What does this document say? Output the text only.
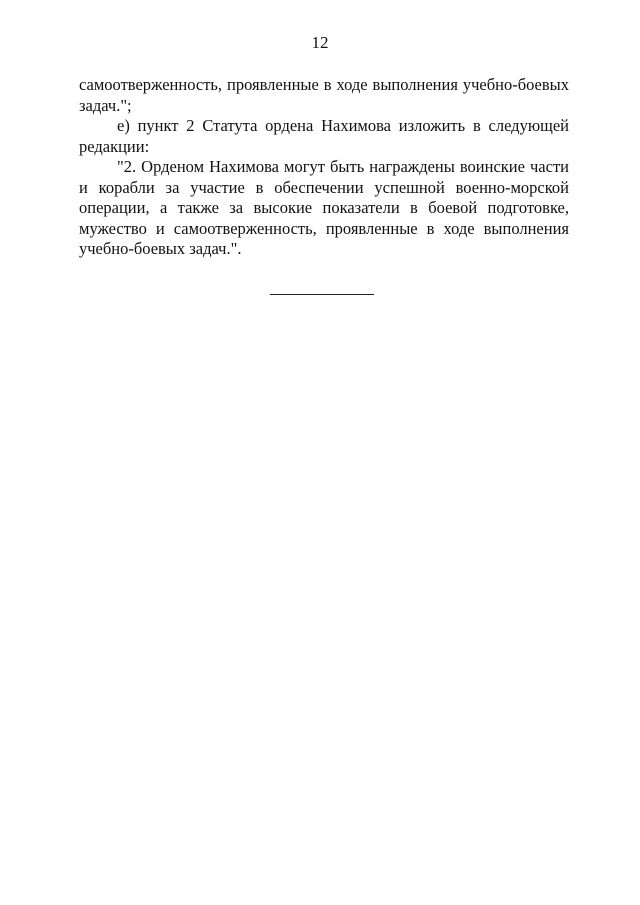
12
самоотверженность, проявленные в ходе выполнения учебно-боевых
задач.";
е) пункт 2 Статута ордена Нахимова изложить в следующей
редакции:
"2. Орденом Нахимова могут быть награждены воинские части
и корабли за участие в обеспечении успешной военно-морской
операции, а также за высокие показатели в боевой подготовке,
мужество и самоотверженность, проявленные в ходе выполнения
учебно-боевых задач.".
